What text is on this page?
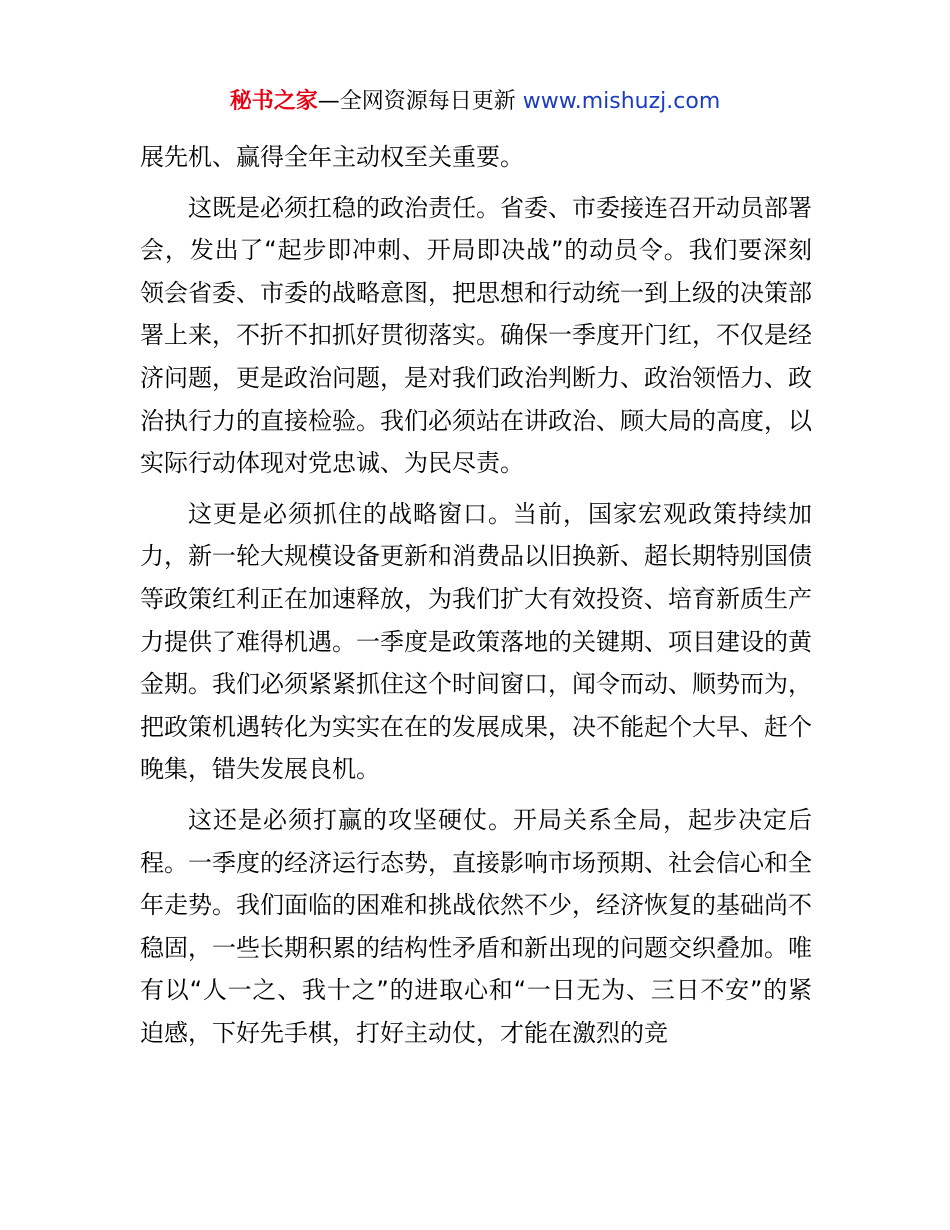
秘书之家—全网资源每日更新 www.mishuzj.com

展先机、赢得全年主动权至关重要。

这既是必须扛稳的政治责任。省委、市委接连召开动员部署会，发出了“起步即冲刺、开局即决战”的动员令。我们要深刻领会省委、市委的战略意图，把思想和行动统一到上级的决策部署上来，不折不扣抓好贯彻落实。确保一季度开门红，不仅是经济问题，更是政治问题，是对我们政治判断力、政治领悟力、政治执行力的直接检验。我们必须站在讲政治、顾大局的高度，以实际行动体现对党忠诚、为民尽责。

这更是必须抓住的战略窗口。当前，国家宏观政策持续加力，新一轮大规模设备更新和消费品以旧换新、超长期特别国债等政策红利正在加速释放，为我们扩大有效投资、培育新质生产力提供了难得机遇。一季度是政策落地的关键期、项目建设的黄金期。我们必须紧紧抓住这个时间窗口，闻令而动、顺势而为，把政策机遇转化为实实在在的发展成果，决不能起个大早、赶个晚集，错失发展良机。

这还是必须打赢的攻坚硬仗。开局关系全局，起步决定后程。一季度的经济运行态势，直接影响市场预期、社会信心和全年走势。我们面临的困难和挑战依然不少，经济恢复的基础尚不稳固，一些长期积累的结构性矛盾和新出现的问题交织叠加。唯有以“人一之、我十之”的进取心和“一日无为、三日不安”的紧迫感，下好先手棋，打好主动仗，才能在激烈的竞
